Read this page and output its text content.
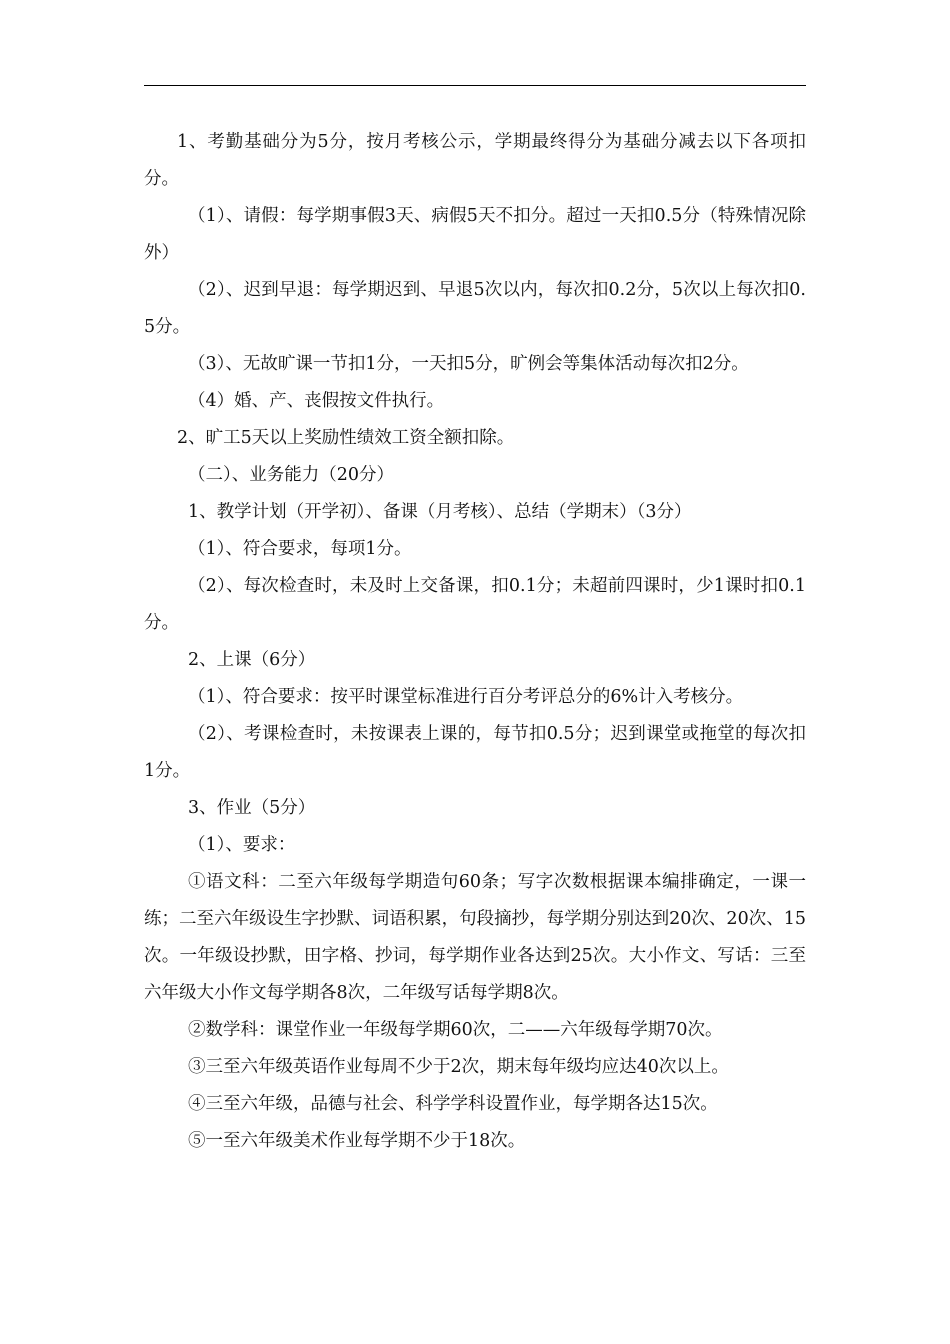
1、考勤基础分为5分，按月考核公示，学期最终得分为基础分减去以下各项扣分。

（1）、请假：每学期事假3天、病假5天不扣分。超过一天扣0.5分（特殊情况除外）

（2）、迟到早退：每学期迟到、早退5次以内，每次扣0.2分，5次以上每次扣0.5分。

（3）、无故旷课一节扣1分，一天扣5分，旷例会等集体活动每次扣2分。

（4）婚、产、丧假按文件执行。

2、旷工5天以上奖励性绩效工资全额扣除。

（二）、业务能力（20分）

1、教学计划（开学初）、备课（月考核）、总结（学期末）（3分）

（1）、符合要求，每项1分。

（2）、每次检查时，未及时上交备课，扣0.1分；未超前四课时，少1课时扣0.1分。

2、上课（6分）

（1）、符合要求：按平时课堂标准进行百分考评总分的6%计入考核分。

（2）、考课检查时，未按课表上课的，每节扣0.5分；迟到课堂或拖堂的每次扣1分。

3、作业（5分）

（1）、要求：

①语文科：二至六年级每学期造句60条；写字次数根据课本编排确定，一课一练；二至六年级设生字抄默、词语积累，句段摘抄，每学期分别达到20次、20次、15次。一年级设抄默，田字格、抄词，每学期作业各达到25次。大小作文、写话：三至六年级大小作文每学期各8次，二年级写话每学期8次。

②数学科：课堂作业一年级每学期60次，二——六年级每学期70次。

③三至六年级英语作业每周不少于2次，期末每年级均应达40次以上。

④三至六年级，品德与社会、科学学科设置作业，每学期各达15次。

⑤一至六年级美术作业每学期不少于18次。
